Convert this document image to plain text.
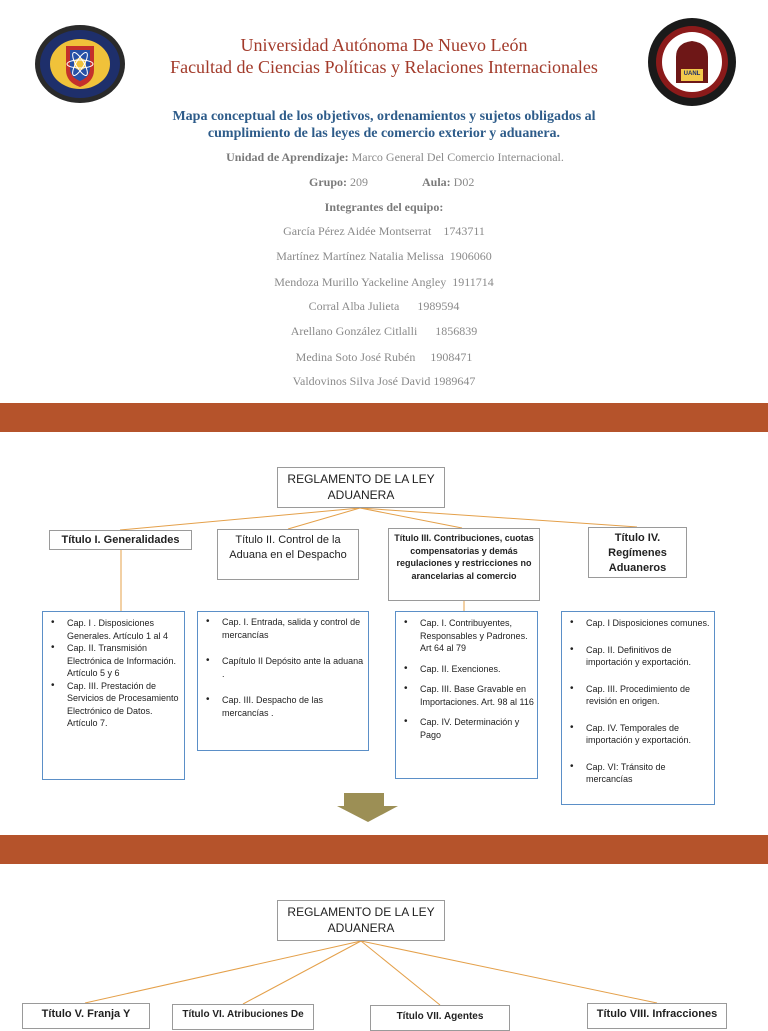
UANL
Universidad Autónoma De Nuevo León
Facultad de Ciencias Políticas y Relaciones Internacionales
Mapa conceptual de los objetivos, ordenamientos y sujetos obligados al
cumplimiento de las leyes de comercio exterior y aduanera.
Unidad de Aprendizaje: Marco General Del Comercio Internacional.
Grupo: 209	Aula: D02
Integrantes del equipo:
García Pérez Aidée Montserrat    1743711
Martínez Martínez Natalia Melissa  1906060
Mendoza Murillo Yackeline Angley  1911714
Corral Alba Julieta      1989594
Arellano González Citlalli      1856839
Medina Soto José Rubén     1908471
Valdovinos Silva José David 1989647
REGLAMENTO DE LA LEY ADUANERA
Título I. Generalidades	Título II. Control de la Aduana en el Despacho
Título III. Contribuciones, cuotas compensatorias y demás regulaciones y restricciones no arancelarias al comercio
Título IV. Regímenes Aduaneros
• Cap. I . Disposiciones Generales. Artículo 1 al 4
• Cap. II. Transmisión Electrónica de Información. Artículo 5 y 6
• Cap. III. Prestación de Servicios de Procesamiento Electrónico de Datos. Artículo 7.
• Cap. I. Entrada, salida y control de mercancías
• Capítulo II Depósito ante la aduana .
• Cap. III. Despacho de las mercancías .
• Cap. I. Contribuyentes, Responsables y Padrones. Art 64 al 79
• Cap. II. Exenciones.
• Cap. III. Base Gravable en Importaciones. Art. 98 al 116
• Cap. IV. Determinación y Pago
• Cap. I Disposiciones comunes.
• Cap. II. Definitivos de importación y exportación.
• Cap. III. Procedimiento de revisión en origen.
• Cap. IV. Temporales de importación y exportación.
• Cap. VI: Tránsito de mercancías
REGLAMENTO DE LA LEY ADUANERA
Título V. Franja Y	Título VI. Atribuciones De	Título VII. Agentes	Título VIII. Infracciones
